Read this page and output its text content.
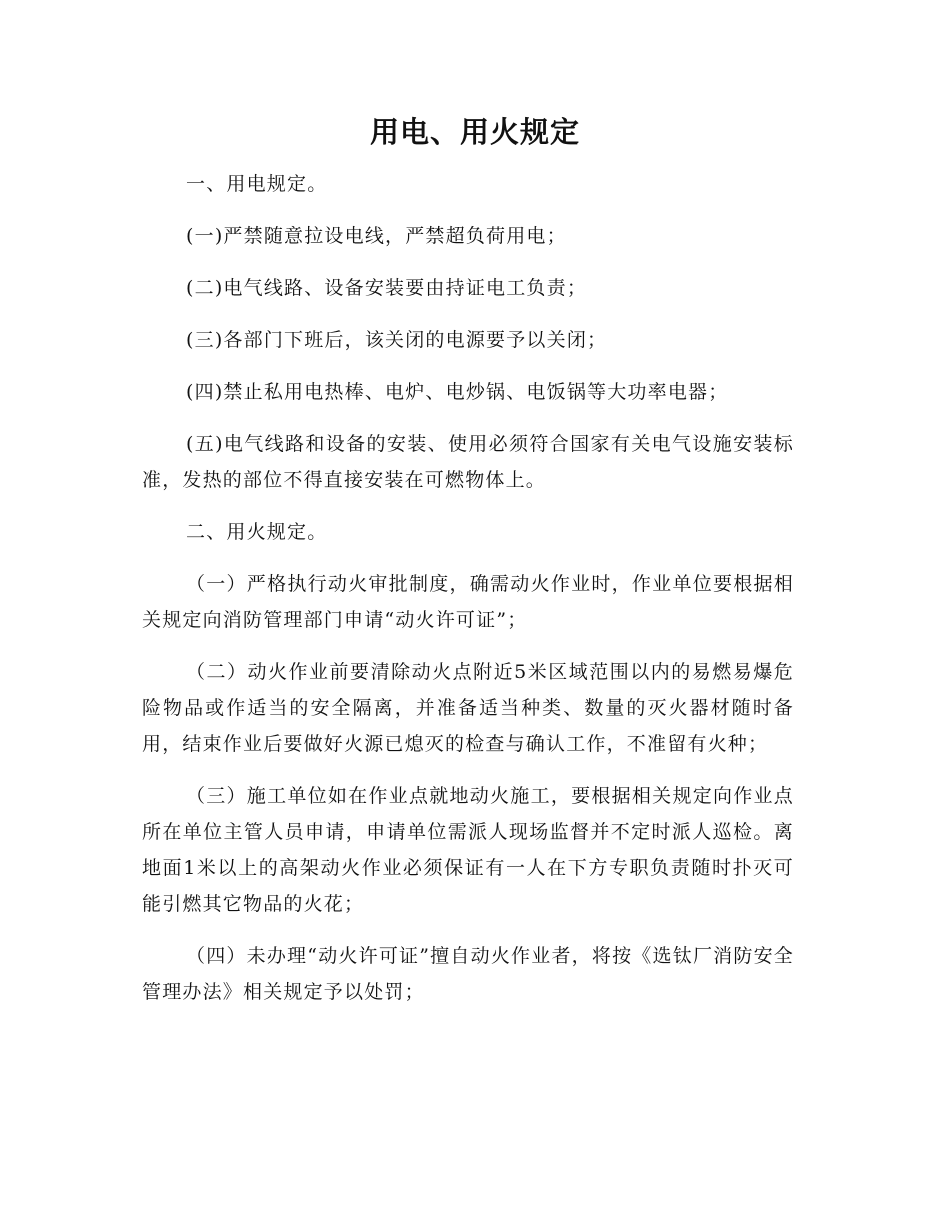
用电、用火规定

一、用电规定。

(一)严禁随意拉设电线，严禁超负荷用电；

(二)电气线路、设备安装要由持证电工负责；

(三)各部门下班后，该关闭的电源要予以关闭；

(四)禁止私用电热棒、电炉、电炒锅、电饭锅等大功率电器；

(五)电气线路和设备的安装、使用必须符合国家有关电气设施安装标准，发热的部位不得直接安装在可燃物体上。

二、用火规定。

（一）严格执行动火审批制度，确需动火作业时，作业单位要根据相关规定向消防管理部门申请“动火许可证”；

（二）动火作业前要清除动火点附近5米区域范围以内的易燃易爆危险物品或作适当的安全隔离，并准备适当种类、数量的灭火器材随时备用，结束作业后要做好火源已熄灭的检查与确认工作，不准留有火种；

（三）施工单位如在作业点就地动火施工，要根据相关规定向作业点所在单位主管人员申请，申请单位需派人现场监督并不定时派人巡检。离地面1米以上的高架动火作业必须保证有一人在下方专职负责随时扑灭可能引燃其它物品的火花；

（四）未办理“动火许可证”擅自动火作业者，将按《选钛厂消防安全管理办法》相关规定予以处罚；
